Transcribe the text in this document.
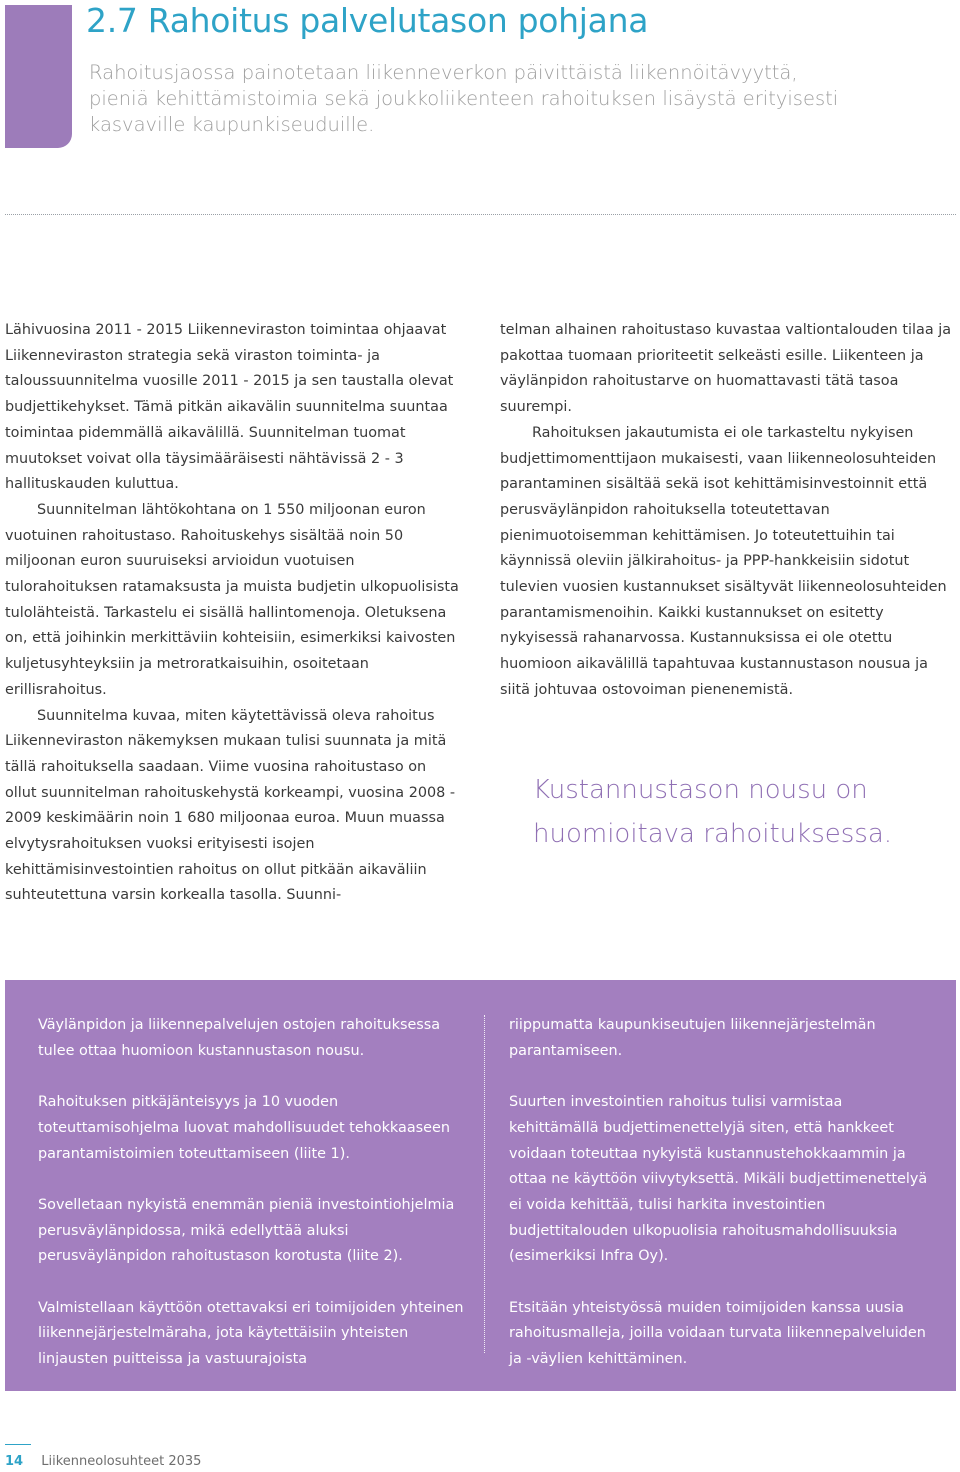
2.7 Rahoitus palvelutason pohjana

Rahoitusjaossa painotetaan liikenneverkon päivittäistä liikennöitävyyttä, pieniä kehittämistoimia sekä joukkoliikenteen rahoituksen lisäystä erityisesti kasvaville kaupunkiseuduille.

Lähivuosina 2011 - 2015 Liikenneviraston toimintaa ohjaavat Liikenneviraston strategia sekä viraston toiminta- ja taloussuunnitelma vuosille 2011 - 2015 ja sen taustalla olevat budjettikehykset. Tämä pitkän aikavälin suunnitelma suuntaa toimintaa pidemmällä aikavälillä. Suunnitelman tuomat muutokset voivat olla täysimääräisesti nähtävissä 2 - 3 hallituskauden kuluttua.

Suunnitelman lähtökohtana on 1 550 miljoonan euron vuotuinen rahoitustaso. Rahoituskehys sisältää noin 50 miljoonan euron suuruiseksi arvioidun vuotuisen tulorahoituksen ratamaksusta ja muista budjetin ulkopuolisista tulolähteistä. Tarkastelu ei sisällä hallintomenoja. Oletuksena on, että joihinkin merkittäviin kohteisiin, esimerkiksi kaivosten kuljetusyhteyksiin ja metroratkaisuihin, osoitetaan erillisrahoitus.

Suunnitelma kuvaa, miten käytettävissä oleva rahoitus Liikenneviraston näkemyksen mukaan tulisi suunnata ja mitä tällä rahoituksella saadaan. Viime vuosina rahoitustaso on ollut suunnitelman rahoituskehystä korkeampi, vuosina 2008 - 2009 keskimäärin noin 1 680 miljoonaa euroa. Muun muassa elvytysrahoituksen vuoksi erityisesti isojen kehittämisinvestointien rahoitus on ollut pitkään aikaväliin suhteutettuna varsin korkealla tasolla. Suunni-

telman alhainen rahoitustaso kuvastaa valtiontalouden tilaa ja pakottaa tuomaan prioriteetit selkeästi esille. Liikenteen ja väylänpidon rahoitustarve on huomattavasti tätä tasoa suurempi.

Rahoituksen jakautumista ei ole tarkasteltu nykyisen budjettimomenttijaon mukaisesti, vaan liikenneolosuhteiden parantaminen sisältää sekä isot kehittämisinvestoinnit että perusväylänpidon rahoituksella toteutettavan pienimuotoisemman kehittämisen. Jo toteutettuihin tai käynnissä oleviin jälkirahoitus- ja PPP-hankkeisiin sidotut tulevien vuosien kustannukset sisältyvät liikenneolosuhteiden parantamismenoihin. Kaikki kustannukset on esitetty nykyisessä rahanarvossa. Kustannuksissa ei ole otettu huomioon aikavälillä tapahtuvaa kustannustason nousua ja siitä johtuvaa ostovoiman pienenemistä.

Kustannustason nousu on huomioitava rahoituksessa.

Väylänpidon ja liikennepalvelujen ostojen rahoituksessa tulee ottaa huomioon kustannustason nousu.

Rahoituksen pitkäjänteisyys ja 10 vuoden toteuttamisohjelma luovat mahdollisuudet tehokkaaseen parantamistoimien toteuttamiseen (liite 1).

Sovelletaan nykyistä enemmän pieniä investointiohjelmia perusväylänpidossa, mikä edellyttää aluksi perusväylänpidon rahoitustason korotusta (liite 2).

Valmistellaan käyttöön otettavaksi eri toimijoiden yhteinen liikennejärjestelmäraha, jota käytettäisiin yhteisten linjausten puitteissa ja vastuurajoista

riippumatta kaupunkiseutujen liikennejärjestelmän parantamiseen.

Suurten investointien rahoitus tulisi varmistaa kehittämällä budjettimenettelyjä siten, että hankkeet voidaan toteuttaa nykyistä kustannustehokkaammin ja ottaa ne käyttöön viivytyksettä. Mikäli budjettimenettelyä ei voida kehittää, tulisi harkita investointien budjettitalouden ulkopuolisia rahoitusmahdollisuuksia (esimerkiksi Infra Oy).

Etsitään yhteistyössä muiden toimijoiden kanssa uusia rahoitusmalleja, joilla voidaan turvata liikennepalveluiden ja -väylien kehittäminen.

14 Liikenneolosuhteet 2035
